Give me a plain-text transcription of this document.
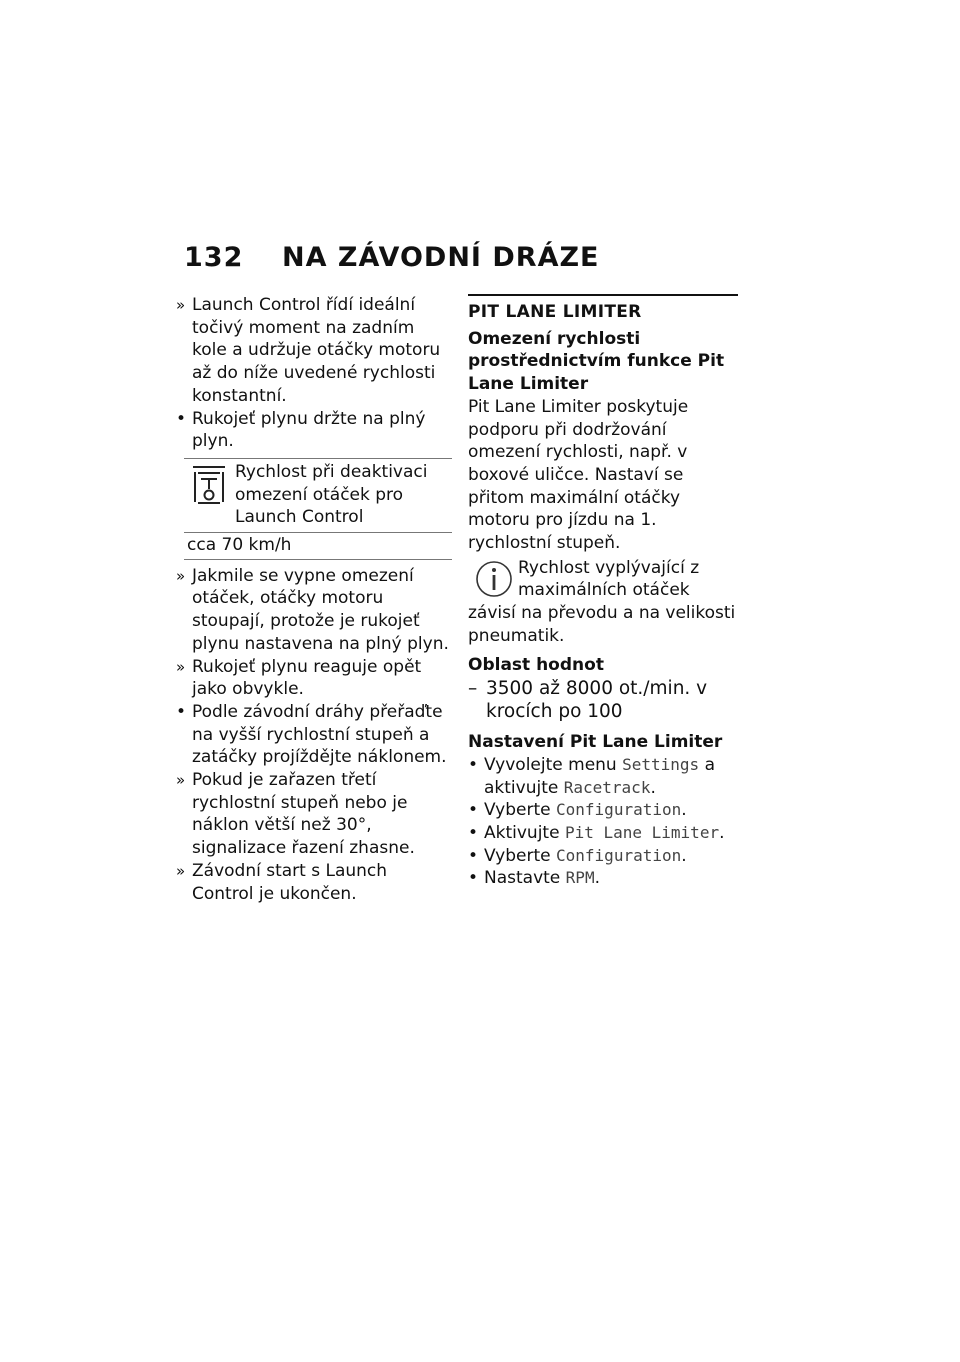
132 NA ZÁVODNÍ DRÁZE
» Launch Control řídí ideální točivý moment na zadním kole a udržuje otáčky motoru až do níže uvedené rychlosti konstantní.
• Rukojeť plynu držte na plný plyn.
Rychlost při deaktivaci omezení otáček pro Launch Control
cca 70 km/h
» Jakmile se vypne omezení otáček, otáčky motoru stoupají, protože je rukojeť plynu nastavena na plný plyn.
» Rukojeť plynu reaguje opět jako obvykle.
• Podle závodní dráhy přeřaďte na vyšší rychlostní stupeň a zatáčky projíždějte náklonem.
» Pokud je zařazen třetí rychlostní stupeň nebo je náklon větší než 30°, signalizace řazení zhasne.
» Závodní start s Launch Control je ukončen.
PIT LANE LIMITER
Omezení rychlosti prostřednictvím funkce Pit Lane Limiter
Pit Lane Limiter poskytuje podporu při dodržování omezení rychlosti, např. v boxové uličce. Nastaví se přitom maximální otáčky motoru pro jízdu na 1. rychlostní stupeň.
Rychlost vyplývající z maximálních otáček závisí na převodu a na velikosti pneumatik.
Oblast hodnot
– 3500 až 8000 ot./min. v krocích po 100
Nastavení Pit Lane Limiter
• Vyvolejte menu Settings a aktivujte Racetrack.
• Vyberte Configuration.
• Aktivujte Pit Lane Limiter.
• Vyberte Configuration.
• Nastavte RPM.
